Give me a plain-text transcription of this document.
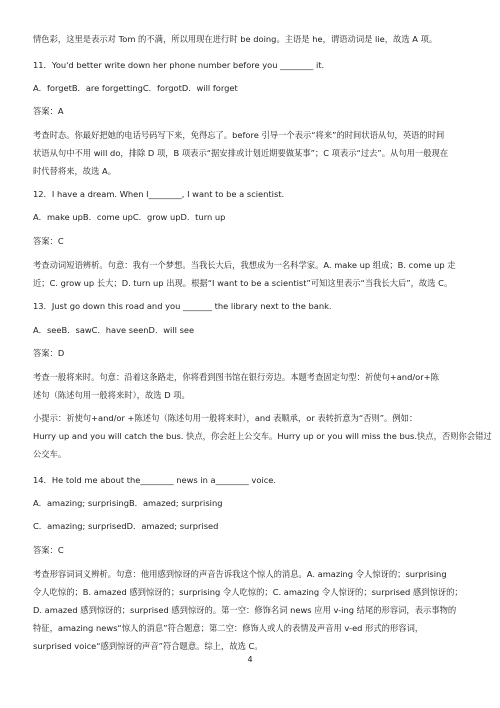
情色彩，这里是表示对 Tom 的不满，所以用现在进行时 be doing。主语是 he，谓语动词是 lie，故选 A 项。
11．You'd better write down her phone number before you ________ it.
A．forgetB．are forgettingC．forgotD．will forget
答案：A
考查时态。你最好把她的电话号码写下来，免得忘了。before 引导一个表示“将来”的时间状语从句，英语的时间
状语从句中不用 will do，排除 D 项，B 项表示“据安排或计划近期要做某事”；C 项表示“过去”。从句用一般现在
时代替将来，故选 A。
12．I have a dream. When I________, I want to be a scientist.
A．make upB．come upC．grow upD．turn up
答案：C
考查动词短语辨析。句意：我有一个梦想。当我长大后，我想成为一名科学家。A. make up 组成；B. come up 走
近；C. grow up 长大；D. turn up 出现。根据“I want to be a scientist”可知这里表示“当我长大后”，故选 C。
13．Just go down this road and you _______ the library next to the bank.
A．seeB．sawC．have seenD．will see
答案：D
考查一般将来时。句意：沿着这条路走，你将看到图书馆在银行旁边。本题考查固定句型：祈使句+and/or+陈
述句（陈述句用一般将来时），故选 D 项。
小提示：祈使句+and/or +陈述句（陈述句用一般将来时），and 表顺承，or 表转折意为“否则”。例如：
Hurry up and you will catch the bus. 快点，你会赶上公交车。Hurry up or you will miss the bus.快点，否则你会错过
公交车。
14．He told me about the________ news in a________ voice.
A．amazing; surprisingB．amazed; surprising
C．amazing; surprisedD．amazed; surprised
答案：C
考查形容词词义辨析。句意：他用感到惊讶的声音告诉我这个惊人的消息。A. amazing 令人惊讶的；surprising
令人吃惊的；B. amazed 感到惊讶的；surprising 令人吃惊的；C. amazing 令人惊讶的；surprised 感到惊讶的；
D. amazed 感到惊讶的；surprised 感到惊讶的。第一空：修饰名词 news 应用 v-ing 结尾的形容词，表示事物的
特征，amazing news“惊人的消息”符合题意；第二空：修饰人或人的表情及声音用 v-ed 形式的形容词，
surprised voice“感到惊讶的声音”符合题意。综上，故选 C。
4
